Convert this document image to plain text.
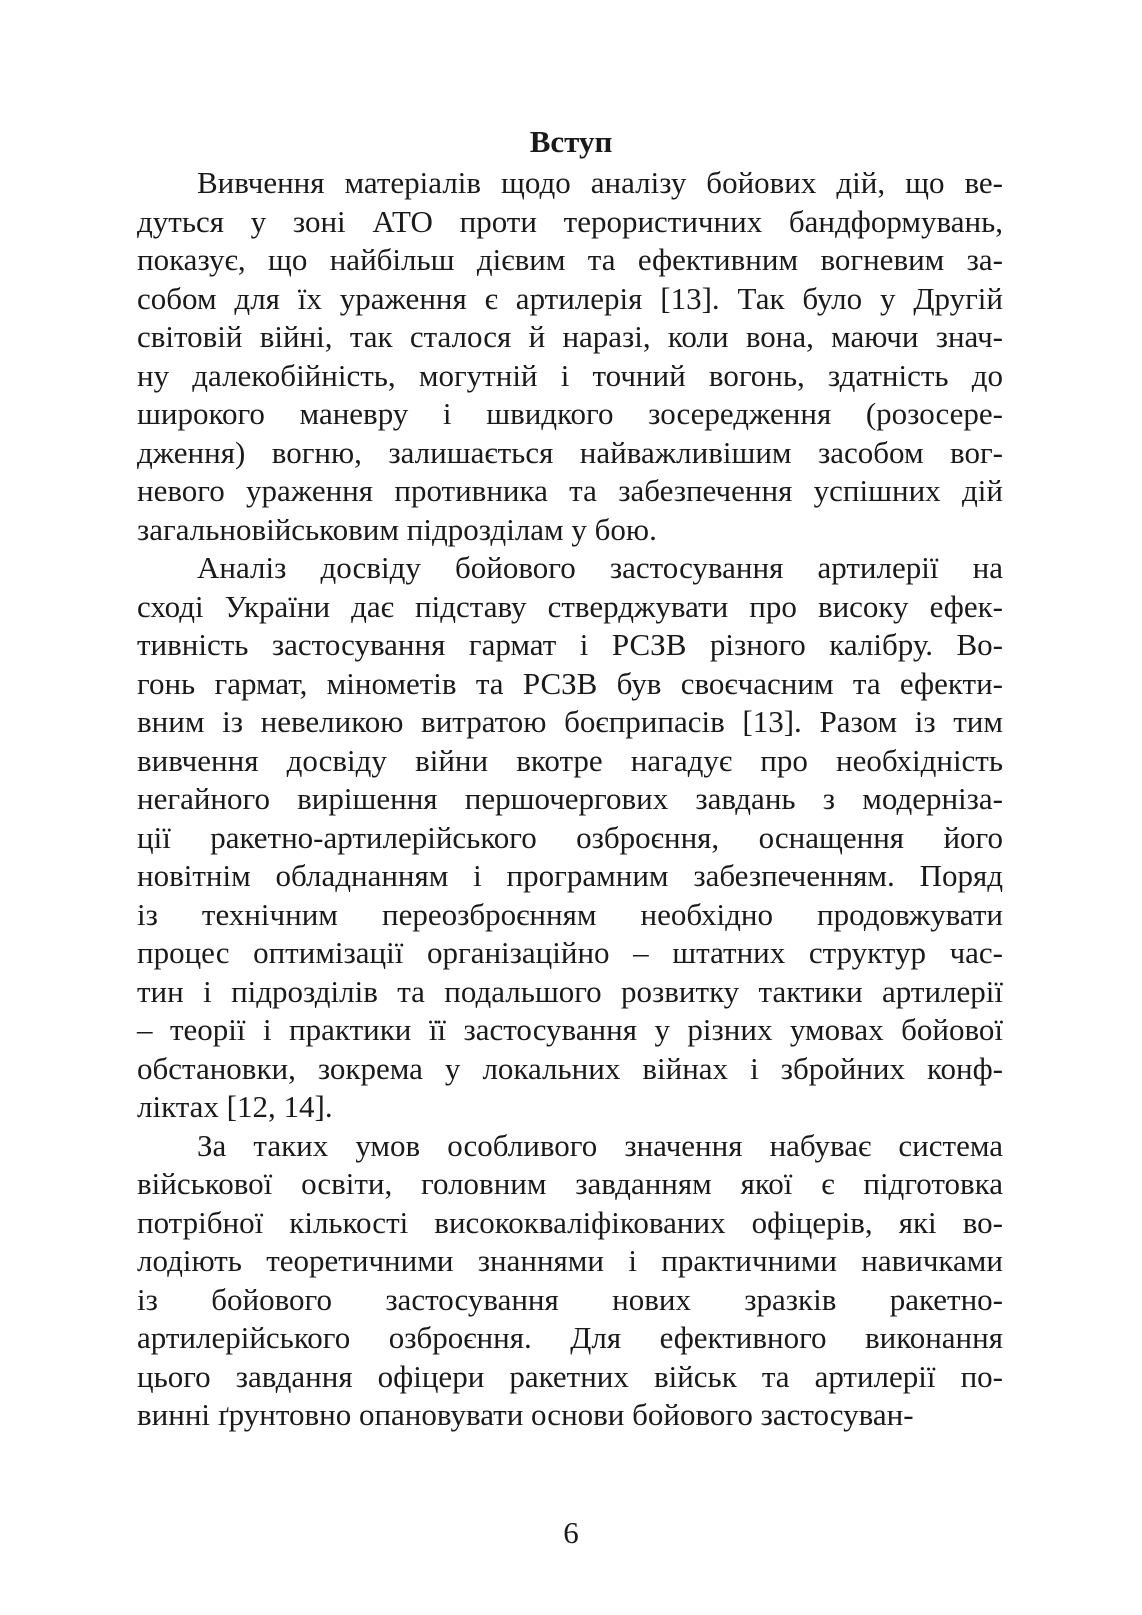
Вступ
Вивчення матеріалів щодо аналізу бойових дій, що ве-
дуться у зоні АТО проти терористичних бандформувань,
показує, що найбільш дієвим та ефективним вогневим за-
собом для їх ураження є артилерія [13]. Так було у Другій
світовій війні, так сталося й наразі, коли вона, маючи знач-
ну далекобійність, могутній і точний вогонь, здатність до
широкого маневру і швидкого зосередження (розосере-
дження) вогню, залишається найважливішим засобом вог-
невого ураження противника та забезпечення успішних дій
загальновійськовим підрозділам у бою.
Аналіз досвіду бойового застосування артилерії на
сході України дає підставу стверджувати про високу ефек-
тивність застосування гармат і РСЗВ різного калібру. Во-
гонь гармат, мінометів та РСЗВ був своєчасним та ефекти-
вним із невеликою витратою боєприпасів [13]. Разом із тим
вивчення досвіду війни вкотре нагадує про необхідність
негайного вирішення першочергових завдань з модерніза-
ції ракетно-артилерійського озброєння, оснащення його
новітнім обладнанням і програмним забезпеченням. Поряд
із технічним переозброєнням необхідно продовжувати
процес оптимізації організаційно – штатних структур час-
тин і підрозділів та подальшого розвитку тактики артилерії
– теорії і практики її застосування у різних умовах бойової
обстановки, зокрема у локальних війнах і збройних конф-
ліктах [12, 14].
За таких умов особливого значення набуває система
військової освіти, головним завданням якої є підготовка
потрібної кількості висококваліфікованих офіцерів, які во-
лодіють теоретичними знаннями і практичними навичками
із бойового застосування нових зразків ракетно-
артилерійського озброєння. Для ефективного виконання
цього завдання офіцери ракетних військ та артилерії по-
винні ґрунтовно опановувати основи бойового застосуван-
6
